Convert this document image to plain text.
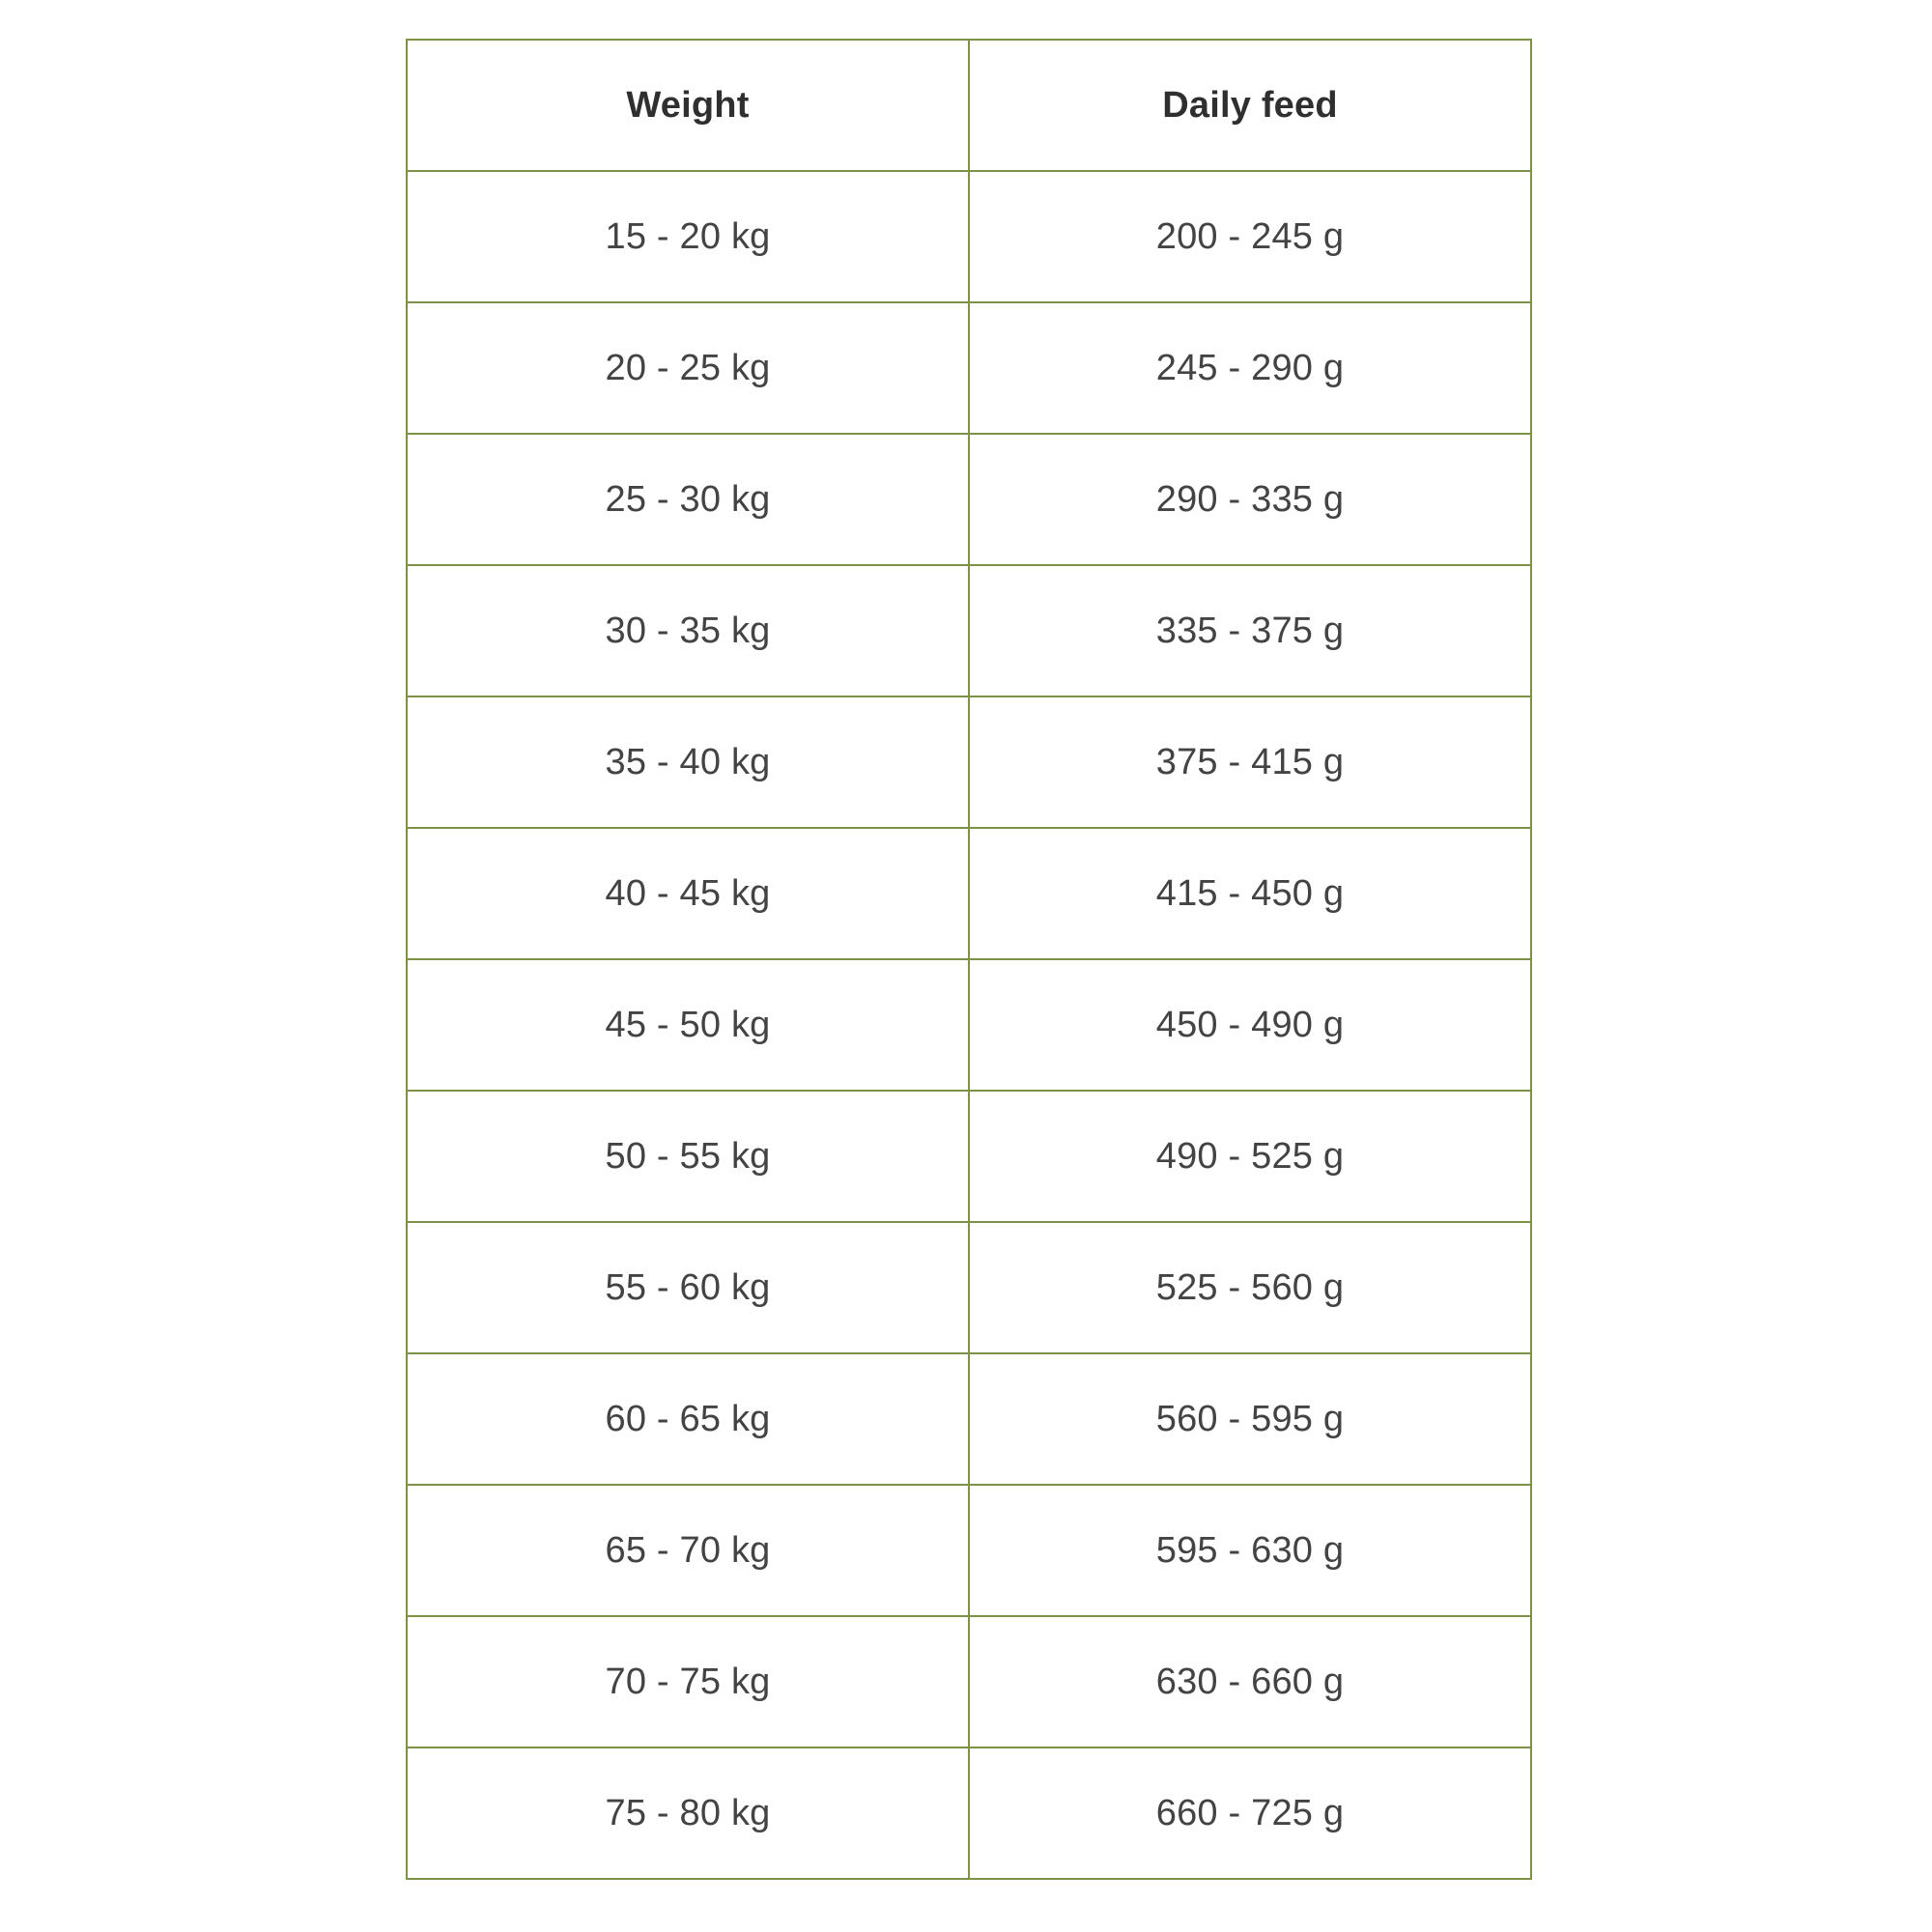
Weight	Daily feed
15 - 20 kg	200 - 245 g
20 - 25 kg	245 - 290 g
25 - 30 kg	290 - 335 g
30 - 35 kg	335 - 375 g
35 - 40 kg	375 - 415 g
40 - 45 kg	415 - 450 g
45 - 50 kg	450 - 490 g
50 - 55 kg	490 - 525 g
55 - 60 kg	525 - 560 g
60 - 65 kg	560 - 595 g
65 - 70 kg	595 - 630 g
70 - 75 kg	630 - 660 g
75 - 80 kg	660 - 725 g
